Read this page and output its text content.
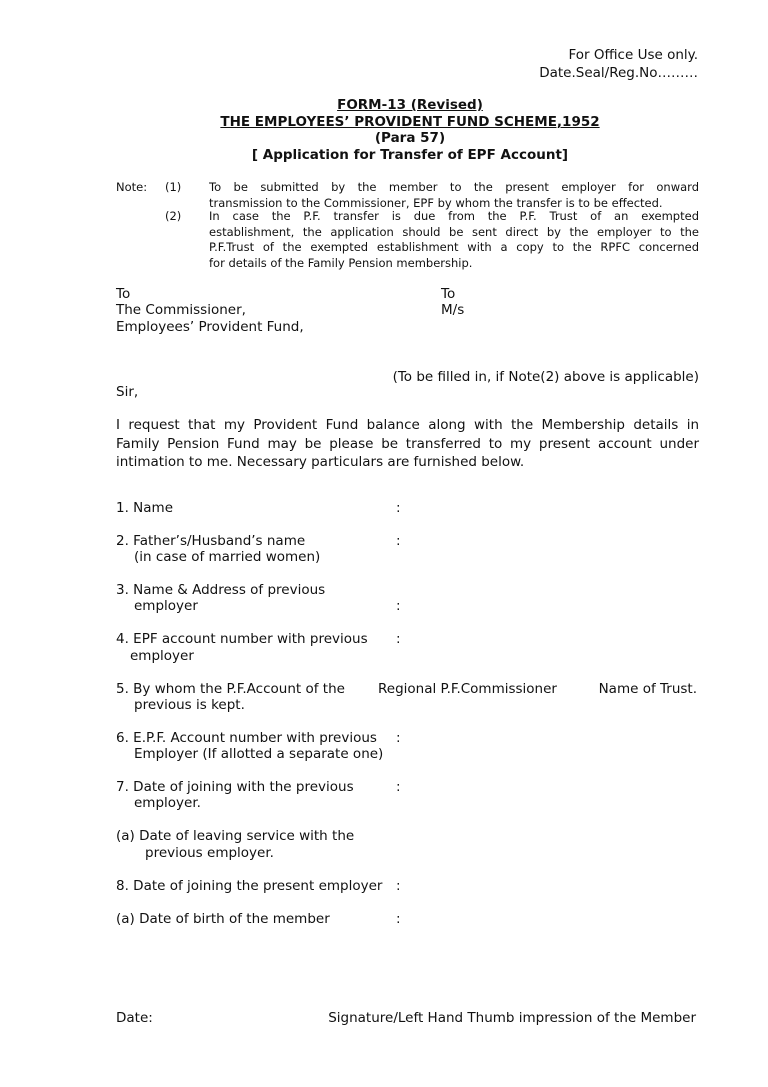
For Office Use only.
Date.Seal/Reg.No………
FORM-13 (Revised)
THE EMPLOYEES’ PROVIDENT FUND SCHEME,1952
(Para 57)
[ Application for Transfer of EPF Account]
Note: (1) To be submitted by the member to the present employer for onward
transmission to the Commissioner, EPF by whom the transfer is to be effected.
(2) In case the P.F. transfer is due from the P.F. Trust of an exempted
establishment, the application should be sent direct by the employer to the
P.F.Trust of the exempted establishment with a copy to the RPFC concerned
for details of the Family Pension membership.
To
The Commissioner,
Employees’ Provident Fund,
To
M/s
(To be filled in, if Note(2) above is applicable)
Sir,
I request that my Provident Fund balance along with the Membership details in
Family Pension Fund may be please be transferred to my present account under
intimation to me. Necessary particulars are furnished below.
1. Name	:
2. Father’s/Husband’s name
(in case of married women)
:
3. Name & Address of previous
employer	:
4. EPF account number with previous
employer
:
5. By whom the P.F.Account of the
previous is kept.
Regional P.F.Commissioner	Name of Trust.
6. E.P.F. Account number with previous
Employer (If allotted a separate one)
:
7. Date of joining with the previous
employer.
:
(a) Date of leaving service with the
previous employer.
8. Date of joining the present employer :
(a) Date of birth of the member	:
Date:	Signature/Left Hand Thumb impression of the Member
